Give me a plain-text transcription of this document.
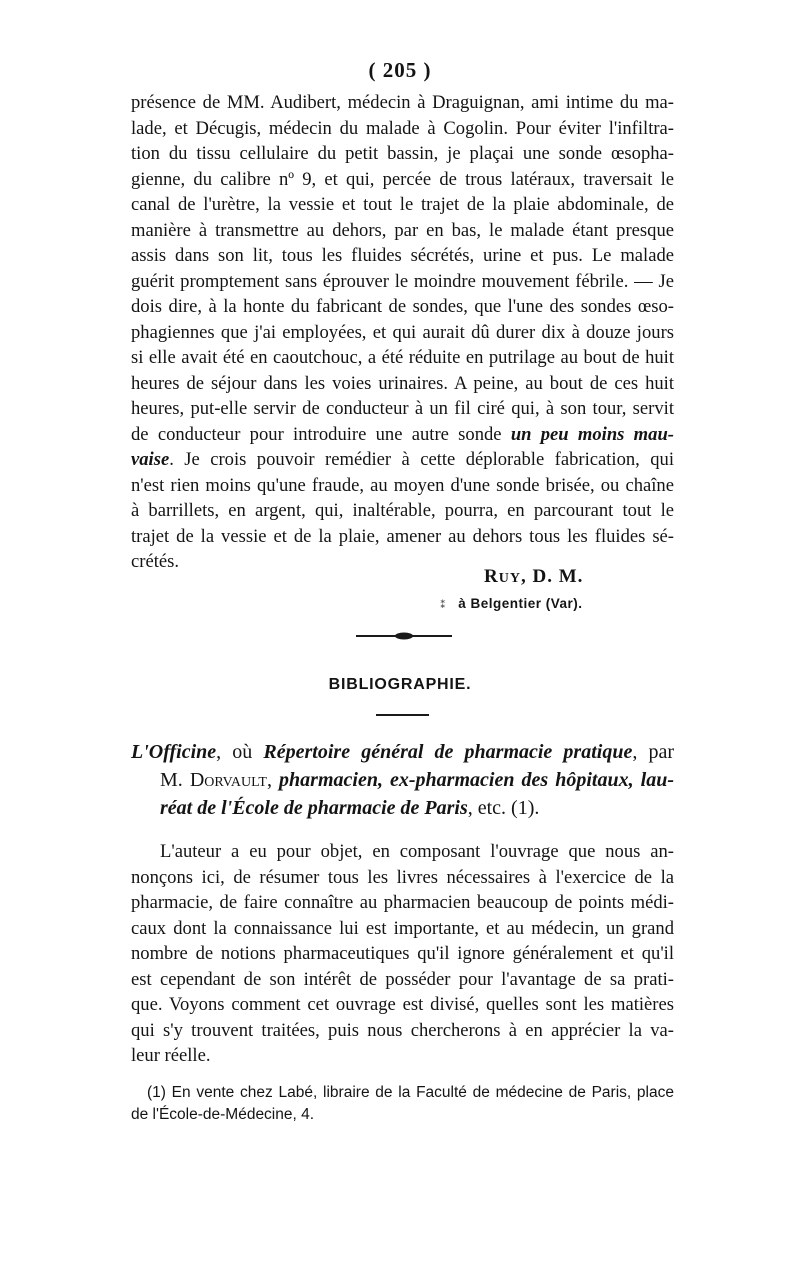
( 205 )
présence de MM. Audibert, médecin à Draguignan, ami intime du ma-
lade, et Décugis, médecin du malade à Cogolin. Pour éviter l'infiltra-
tion du tissu cellulaire du petit bassin, je plaçai une sonde œsopha-
gienne, du calibre nº 9, et qui, percée de trous latéraux, traversait le
canal de l'urètre, la vessie et tout le trajet de la plaie abdominale, de
manière à transmettre au dehors, par en bas, le malade étant presque
assis dans son lit, tous les fluides sécrétés, urine et pus. Le malade
guérit promptement sans éprouver le moindre mouvement fébrile. — Je
dois dire, à la honte du fabricant de sondes, que l'une des sondes œso-
phagiennes que j'ai employées, et qui aurait dû durer dix à douze jours
si elle avait été en caoutchouc, a été réduite en putrilage au bout de huit
heures de séjour dans les voies urinaires. A peine, au bout de ces huit
heures, put-elle servir de conducteur à un fil ciré qui, à son tour, servit
de conducteur pour introduire une autre sonde un peu moins mau-
vaise. Je crois pouvoir remédier à cette déplorable fabrication, qui
n'est rien moins qu'une fraude, au moyen d'une sonde brisée, ou chaîne
à barrillets, en argent, qui, inaltérable, pourra, en parcourant tout le
trajet de la vessie et de la plaie, amener au dehors tous les fluides sé-
crétés.
RUY, D. M.
⁑ à Belgentier (Var).
BIBLIOGRAPHIE.
L'Officine, où Répertoire général de pharmacie pratique, par
M. Dorvault, pharmacien, ex-pharmacien des hôpitaux, lau-
réat de l'École de pharmacie de Paris, etc. (1).
L'auteur a eu pour objet, en composant l'ouvrage que nous an-
nonçons ici, de résumer tous les livres nécessaires à l'exercice de la
pharmacie, de faire connaître au pharmacien beaucoup de points médi-
caux dont la connaissance lui est importante, et au médecin, un grand
nombre de notions pharmaceutiques qu'il ignore généralement et qu'il
est cependant de son intérêt de posséder pour l'avantage de sa prati-
que. Voyons comment cet ouvrage est divisé, quelles sont les matières
qui s'y trouvent traitées, puis nous chercherons à en apprécier la va-
leur réelle.
(1) En vente chez Labé, libraire de la Faculté de médecine de Paris, place
de l'École-de-Médecine, 4.
